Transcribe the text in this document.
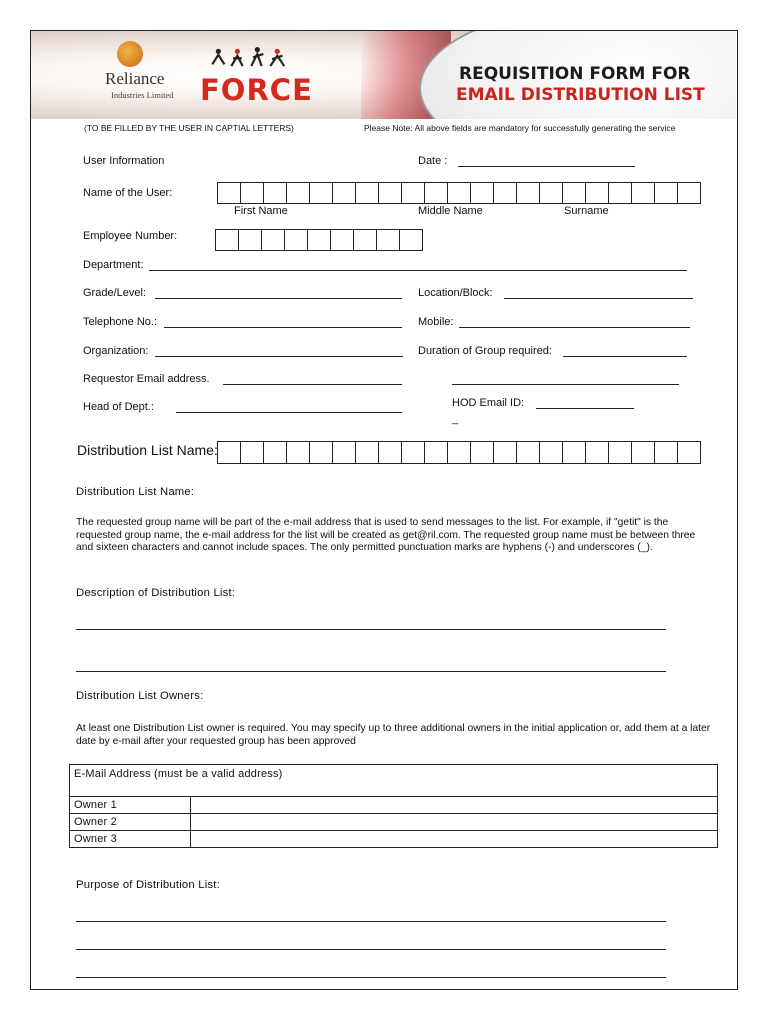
Reliance
Industries Limited FORCE	REQUISITION FORM FOR
EMAIL DISTRIBUTION LIST
(TO BE FILLED BY THE USER IN CAPTIAL LETTERS)	Please Note: All above fields are mandatory for successfully generating the service
User Information	Date :
Name of the User:
First Name	Middle Name	Surname
Employee Number:
Department:
Grade/Level:	Location/Block:
Telephone No.:	Mobile:
Organization:	Duration of Group required:
Requestor Email address.
Head of Dept.:	HOD Email ID:
_
Distribution List Name:
Distribution List Name:
The requested group name will be part of the e-mail address that is used to send messages to the list. For example, if "getit" is the requested group name, the e-mail address for the list will be created as get@ril.com. The requested group name must be between three and sixteen characters and cannot include spaces. The only permitted punctuation marks are hyphens (-) and underscores (_).
Description of Distribution List:
Distribution List Owners:
At least one Distribution List owner is required. You may specify up to three additional owners in the initial application or, add them at a later date by e-mail after your requested group has been approved
E-Mail Address (must be a valid address)	
Owner 1	
Owner 2	
Owner 3	
Purpose of Distribution List:
